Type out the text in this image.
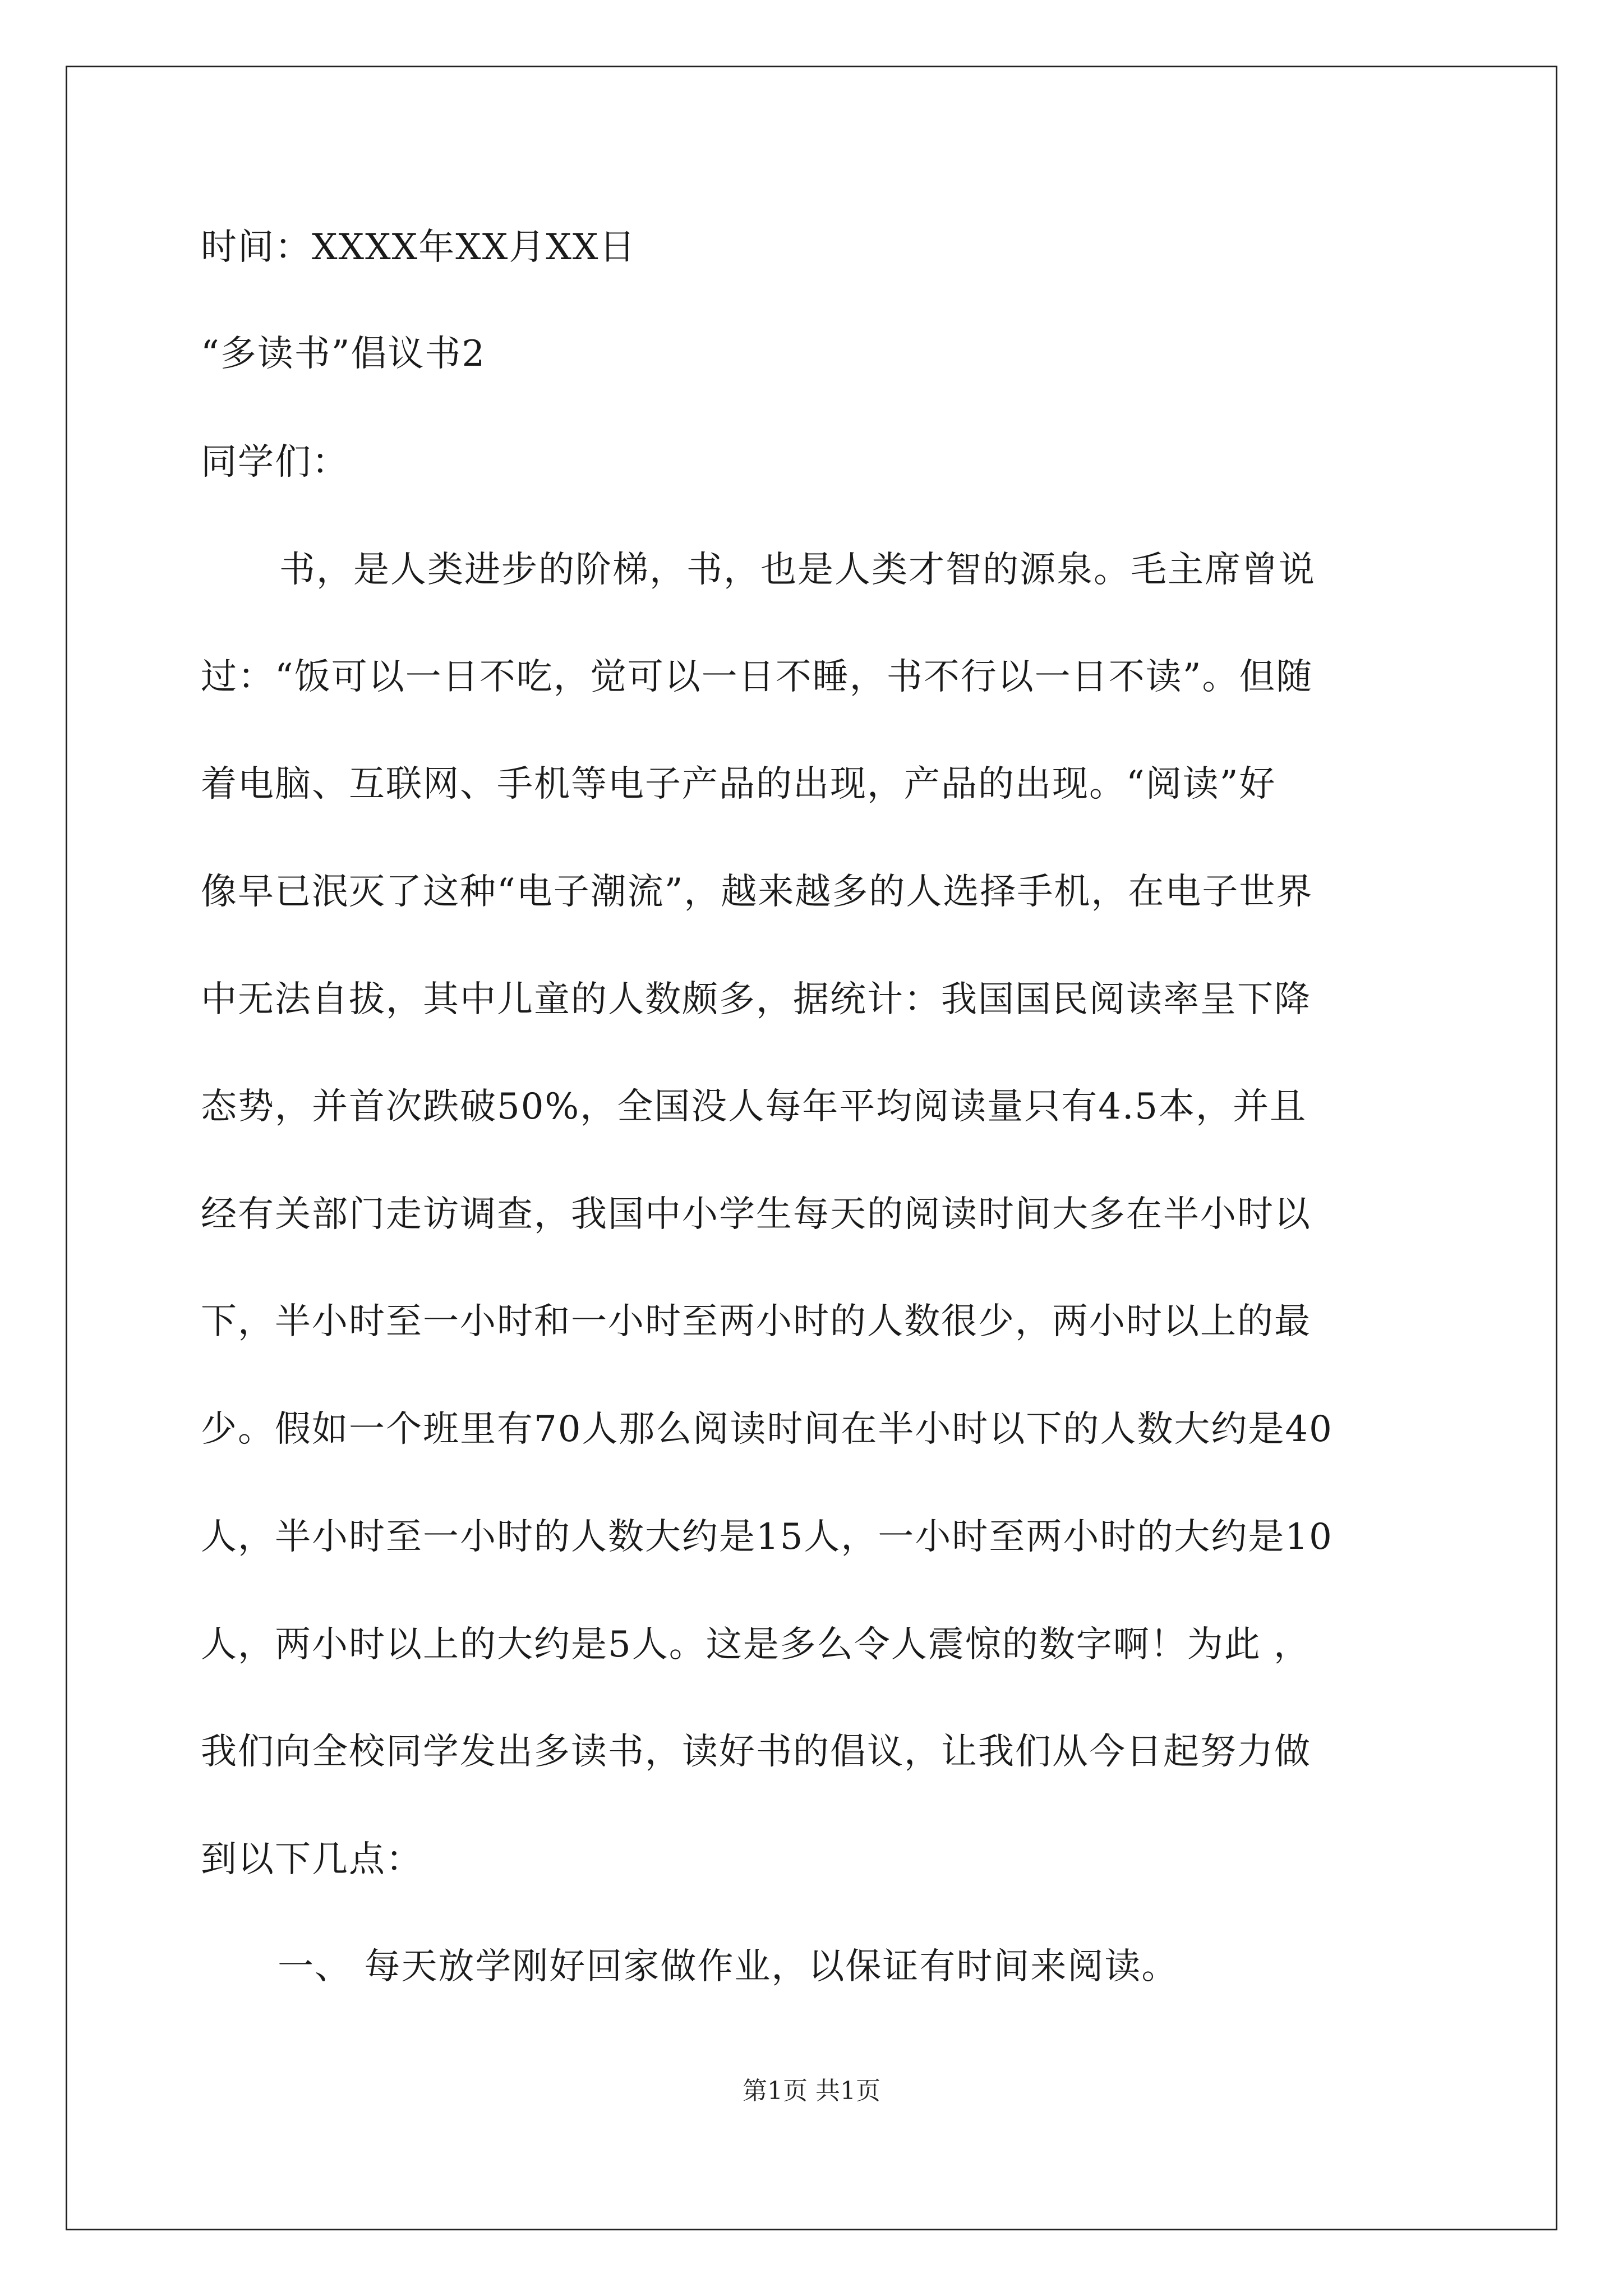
时间：XXXX年XX月XX日
“多读书”倡议书2
同学们：
书，是人类进步的阶梯，书，也是人类才智的源泉。毛主席曾说
过：“饭可以一日不吃，觉可以一日不睡，书不行以一日不读”。但随
着电脑、互联网、手机等电子产品的出现，产品的出现。“阅读”好
像早已泯灭了这种“电子潮流”，越来越多的人选择手机，在电子世界
中无法自拔，其中儿童的人数颇多，据统计：我国国民阅读率呈下降
态势，并首次跌破50%，全国没人每年平均阅读量只有4.5本，并且
经有关部门走访调查，我国中小学生每天的阅读时间大多在半小时以
下，半小时至一小时和一小时至两小时的人数很少，两小时以上的最
少。假如一个班里有70人那么阅读时间在半小时以下的人数大约是40
人，半小时至一小时的人数大约是15人，一小时至两小时的大约是10
人，两小时以上的大约是5人。这是多么令人震惊的数字啊！为此 ，
我们向全校同学发出多读书，读好书的倡议，让我们从今日起努力做
到以下几点：
一、 每天放学刚好回家做作业，以保证有时间来阅读。
第1页 共1页
